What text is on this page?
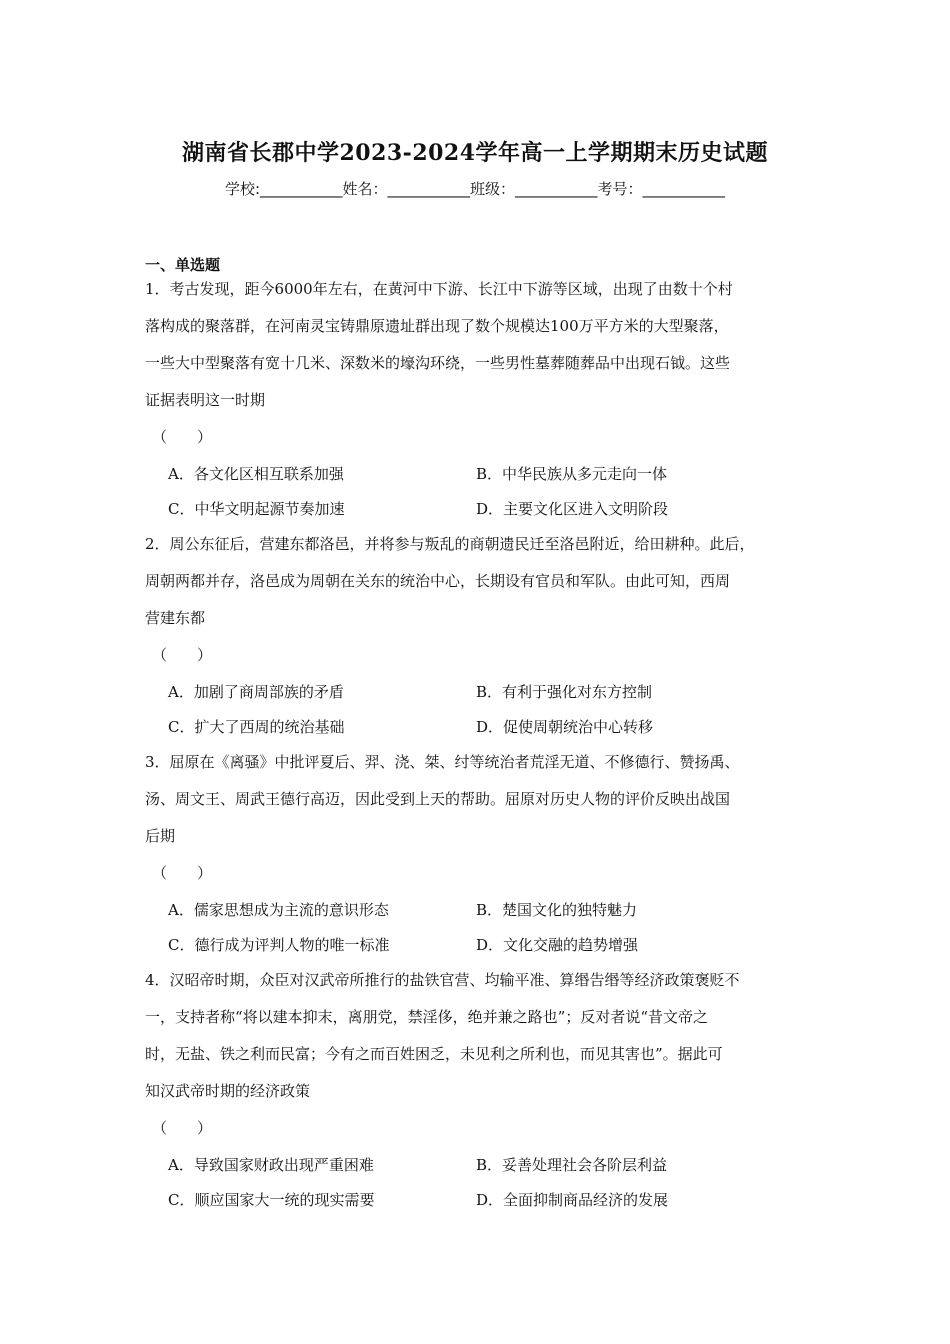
湖南省长郡中学2023-2024学年高一上学期期末历史试题
学校:___________姓名：___________班级：___________考号：___________
一、单选题
1．考古发现，距今6000年左右，在黄河中下游、长江中下游等区域，出现了由数十个村
落构成的聚落群，在河南灵宝铸鼎原遗址群出现了数个规模达100万平方米的大型聚落，
一些大中型聚落有宽十几米、深数米的壕沟环绕，一些男性墓葬随葬品中出现石钺。这些
证据表明这一时期
（　　）
A．各文化区相互联系加强	B．中华民族从多元走向一体
C．中华文明起源节奏加速	D．主要文化区进入文明阶段
2．周公东征后，营建东都洛邑，并将参与叛乱的商朝遗民迁至洛邑附近，给田耕种。此后，
周朝两都并存，洛邑成为周朝在关东的统治中心，长期设有官员和军队。由此可知，西周
营建东都
（　　）
A．加剧了商周部族的矛盾	B．有利于强化对东方控制
C．扩大了西周的统治基础	D．促使周朝统治中心转移
3．屈原在《离骚》中批评夏后、羿、浇、桀、纣等统治者荒淫无道、不修德行、赞扬禹、
汤、周文王、周武王德行高迈，因此受到上天的帮助。屈原对历史人物的评价反映出战国
后期
（　　）
A．儒家思想成为主流的意识形态	B．楚国文化的独特魅力
C．德行成为评判人物的唯一标准	D．文化交融的趋势增强
4．汉昭帝时期，众臣对汉武帝所推行的盐铁官营、均输平准、算缗告缗等经济政策褒贬不
一，支持者称“将以建本抑末，离朋党，禁淫侈，绝并兼之路也”；反对者说“昔文帝之
时，无盐、铁之利而民富；今有之而百姓困乏，未见利之所利也，而见其害也”。据此可
知汉武帝时期的经济政策
（　　）
A．导致国家财政出现严重困难	B．妥善处理社会各阶层利益
C．顺应国家大一统的现实需要	D．全面抑制商品经济的发展
